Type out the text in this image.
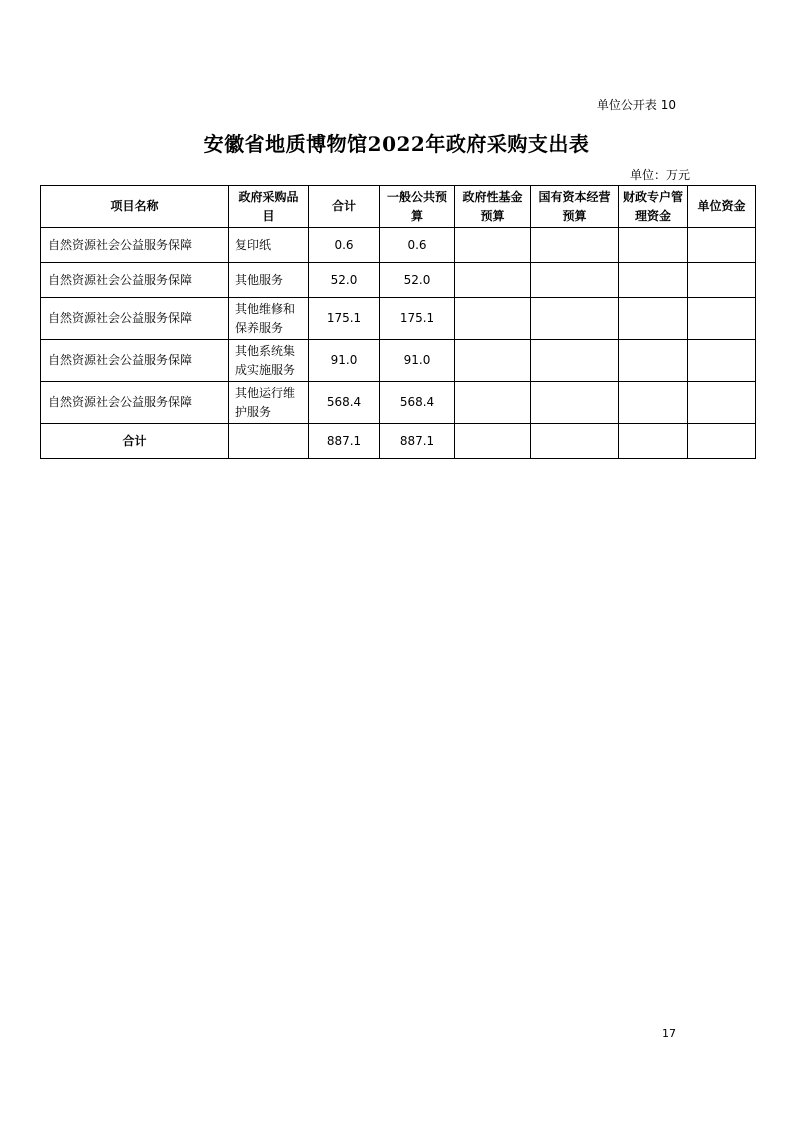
单位公开表 10
安徽省地质博物馆2022年政府采购支出表
单位：万元
项目名称	政府采购品目	合计	一般公共预算	政府性基金预算	国有资本经营预算	财政专户管理资金	单位资金
自然资源社会公益服务保障	复印纸	0.6	0.6				
自然资源社会公益服务保障	其他服务	52.0	52.0				
自然资源社会公益服务保障	其他维修和保养服务	175.1	175.1				
自然资源社会公益服务保障	其他系统集成实施服务	91.0	91.0				
自然资源社会公益服务保障	其他运行维护服务	568.4	568.4				
合计		887.1	887.1				
17
